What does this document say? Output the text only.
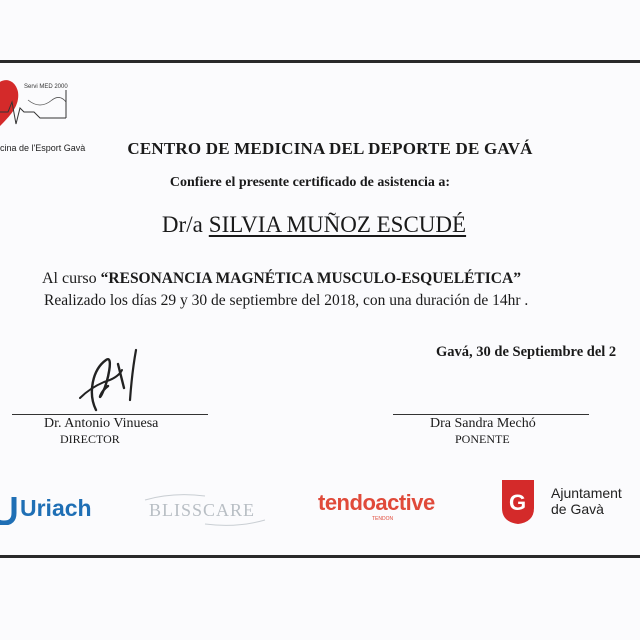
Servi MED 2000
cina de l'Esport Gavà	CENTRO DE MEDICINA DEL DEPORTE DE GAVÁ
Confiere el presente certificado de asistencia a:
Dr/a SILVIA MUÑOZ ESCUDÉ
Al curso “RESONANCIA MAGNÉTICA MUSCULO-ESQUELÉTICA”
Realizado los días 29 y 30 de septiembre del 2018, con una duración de 14hr .
Gavá, 30 de Septiembre del 2
Dr. Antonio Vinuesa
DIRECTOR
Dra Sandra Mechó
PONENTE
Uriach	BLISSCARE	tendoactive
TENDON
G Ajuntament
de Gavà
